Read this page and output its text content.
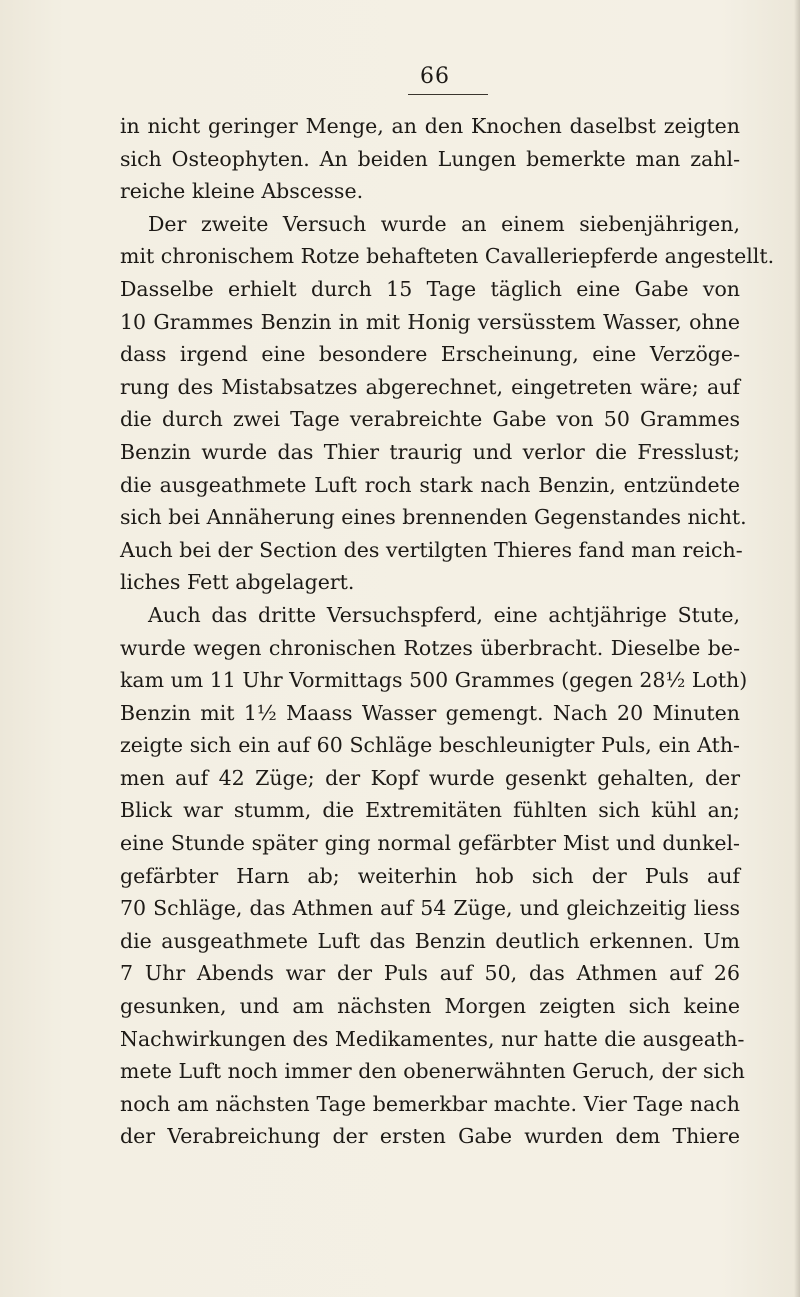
66
in nicht geringer Menge, an den Knochen daselbst zeigten
sich Osteophyten. An beiden Lungen bemerkte man zahl-
reiche kleine Abscesse.
Der zweite Versuch wurde an einem siebenjährigen,
mit chronischem Rotze behafteten Cavalleriepferde angestellt.
Dasselbe erhielt durch 15 Tage täglich eine Gabe von
10 Grammes Benzin in mit Honig versüsstem Wasser, ohne
dass irgend eine besondere Erscheinung, eine Verzöge-
rung des Mistabsatzes abgerechnet, eingetreten wäre; auf
die durch zwei Tage verabreichte Gabe von 50 Grammes
Benzin wurde das Thier traurig und verlor die Fresslust;
die ausgeathmete Luft roch stark nach Benzin, entzündete
sich bei Annäherung eines brennenden Gegenstandes nicht.
Auch bei der Section des vertilgten Thieres fand man reich-
liches Fett abgelagert.
Auch das dritte Versuchspferd, eine achtjährige Stute,
wurde wegen chronischen Rotzes überbracht. Dieselbe be-
kam um 11 Uhr Vormittags 500 Grammes (gegen 28½ Loth)
Benzin mit 1½ Maass Wasser gemengt. Nach 20 Minuten
zeigte sich ein auf 60 Schläge beschleunigter Puls, ein Ath-
men auf 42 Züge; der Kopf wurde gesenkt gehalten, der
Blick war stumm, die Extremitäten fühlten sich kühl an;
eine Stunde später ging normal gefärbter Mist und dunkel-
gefärbter Harn ab; weiterhin hob sich der Puls auf
70 Schläge, das Athmen auf 54 Züge, und gleichzeitig liess
die ausgeathmete Luft das Benzin deutlich erkennen. Um
7 Uhr Abends war der Puls auf 50, das Athmen auf 26
gesunken, und am nächsten Morgen zeigten sich keine
Nachwirkungen des Medikamentes, nur hatte die ausgeath-
mete Luft noch immer den obenerwähnten Geruch, der sich
noch am nächsten Tage bemerkbar machte. Vier Tage nach
der Verabreichung der ersten Gabe wurden dem Thiere
